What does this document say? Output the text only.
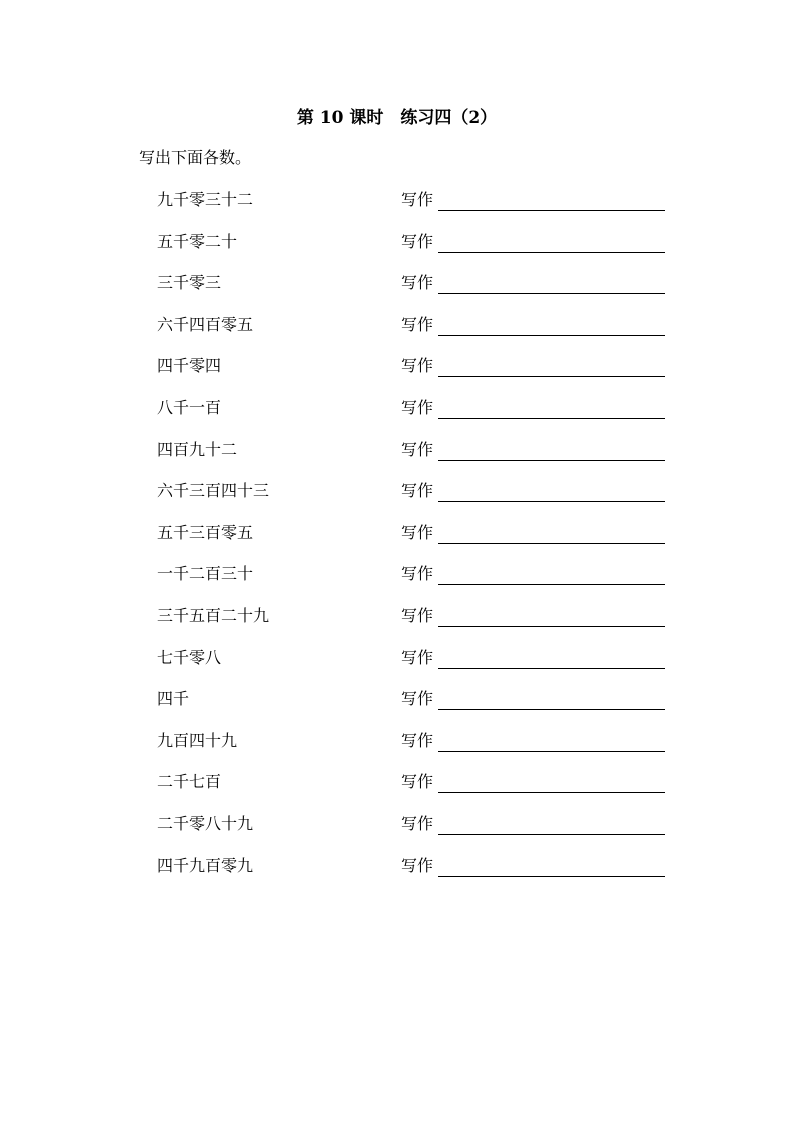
第 10 课时　练习四（2）

写出下面各数。

九千零三十二	写作
五千零二十	写作
三千零三	写作
六千四百零五	写作
四千零四	写作
八千一百	写作
四百九十二	写作
六千三百四十三	写作
五千三百零五	写作
一千二百三十	写作
三千五百二十九	写作
七千零八	写作
四千	写作
九百四十九	写作
二千七百	写作
二千零八十九	写作
四千九百零九	写作
